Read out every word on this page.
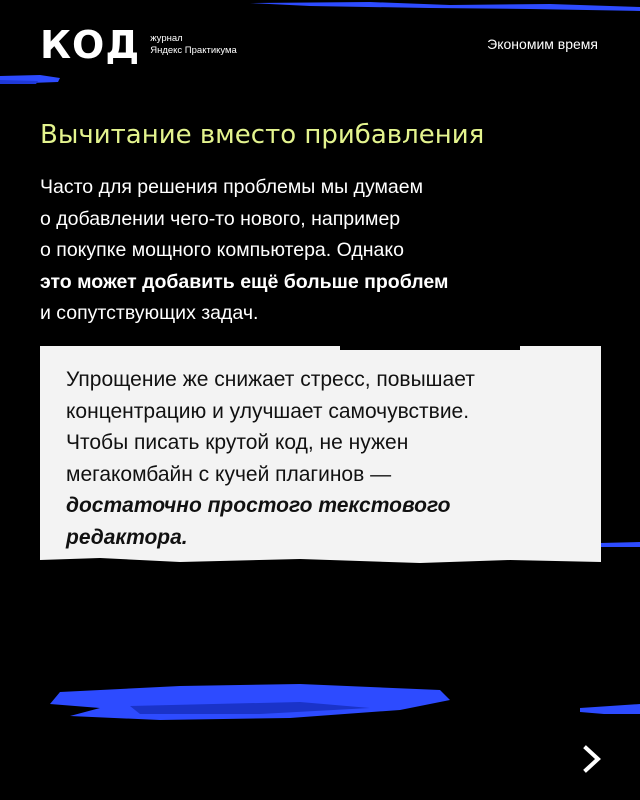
КОД журнал
Яндекс Практикума	Экономим время
Вычитание вместо прибавления
Часто для решения проблемы мы думаем
о добавлении чего-то нового, например
о покупке мощного компьютера. Однако
это может добавить ещё больше проблем
и сопутствующих задач.
Упрощение же снижает стресс, повышает
концентрацию и улучшает самочувствие.
Чтобы писать крутой код, не нужен
мегакомбайн с кучей плагинов —
достаточно простого текстового
редактора.
